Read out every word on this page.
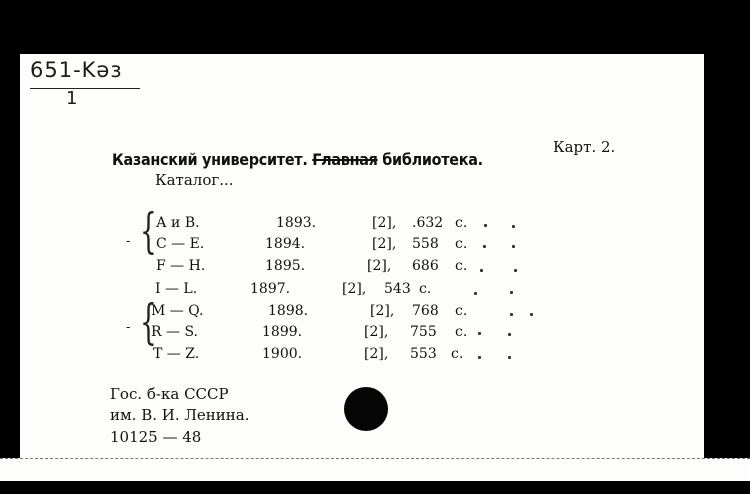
651-Kəз
1
Карт. 2.
Казанский университет. Главная библиотека.
Каталог...
{
{
-
-
А и В.	1893.	[2], .632 с.
С — Е.	1894.	[2], 558 с.
F — H.	1895.	[2], 686 с.
I — L.	1897.	[2], 543 с.
M — Q.	1898.	[2], 768 с.
R — S.	1899.	[2], 755 с.
T — Z.	1900.	[2], 553 с.
Гос. б-ка СССР
им. В. И. Ленина.
10125 — 48
